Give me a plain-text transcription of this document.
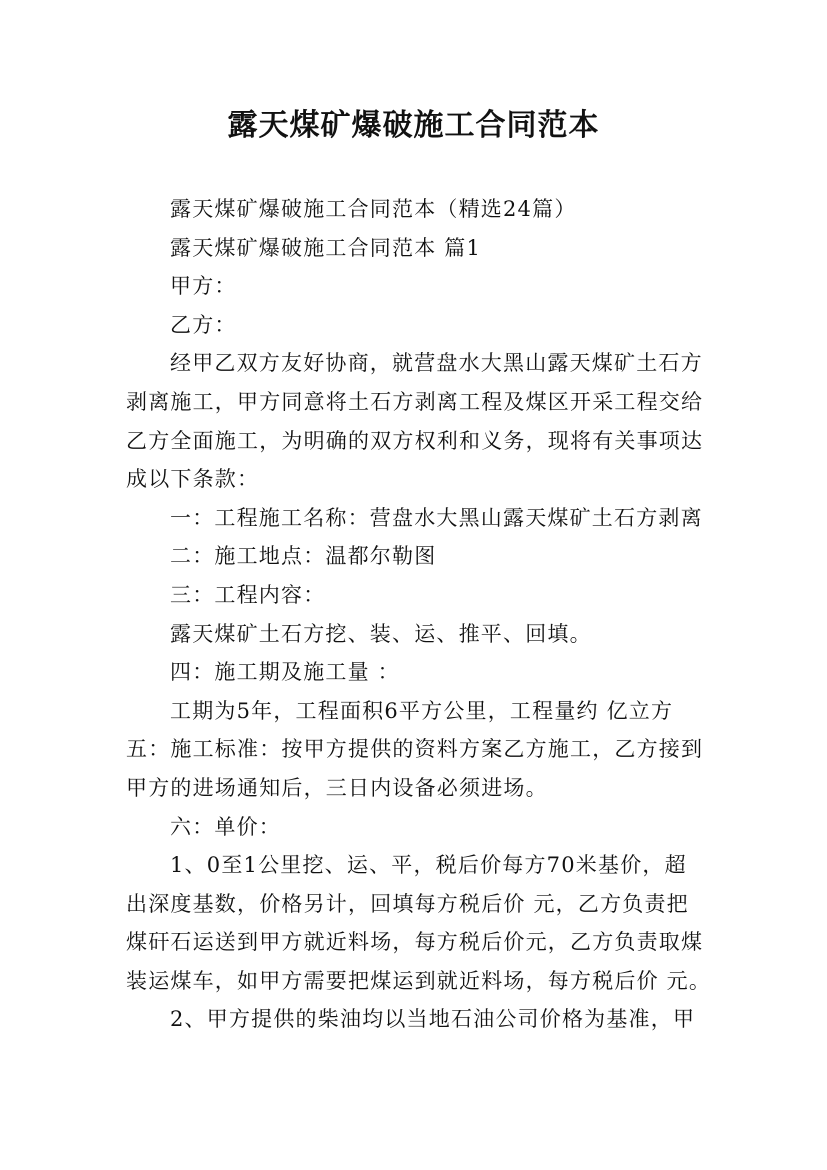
露天煤矿爆破施工合同范本

露天煤矿爆破施工合同范本（精选24篇）

露天煤矿爆破施工合同范本 篇1

甲方：

乙方：

经甲乙双方友好协商，就营盘水大黑山露天煤矿土石方

剥离施工，甲方同意将土石方剥离工程及煤区开采工程交给

乙方全面施工，为明确的双方权利和义务，现将有关事项达

成以下条款：

一：工程施工名称：营盘水大黑山露天煤矿土石方剥离

二：施工地点：温都尔勒图

三：工程内容：

露天煤矿土石方挖、装、运、推平、回填。

四：施工期及施工量 ：

工期为5年，工程面积6平方公里，工程量约 亿立方

五：施工标准：按甲方提供的资料方案乙方施工，乙方接到

甲方的进场通知后，三日内设备必须进场。

六：单价：

1、0至1公里挖、运、平，税后价每方70米基价，超

出深度基数，价格另计，回填每方税后价 元，乙方负责把

煤矸石运送到甲方就近料场，每方税后价元，乙方负责取煤

装运煤车，如甲方需要把煤运到就近料场，每方税后价 元。

2、甲方提供的柴油均以当地石油公司价格为基准，甲
